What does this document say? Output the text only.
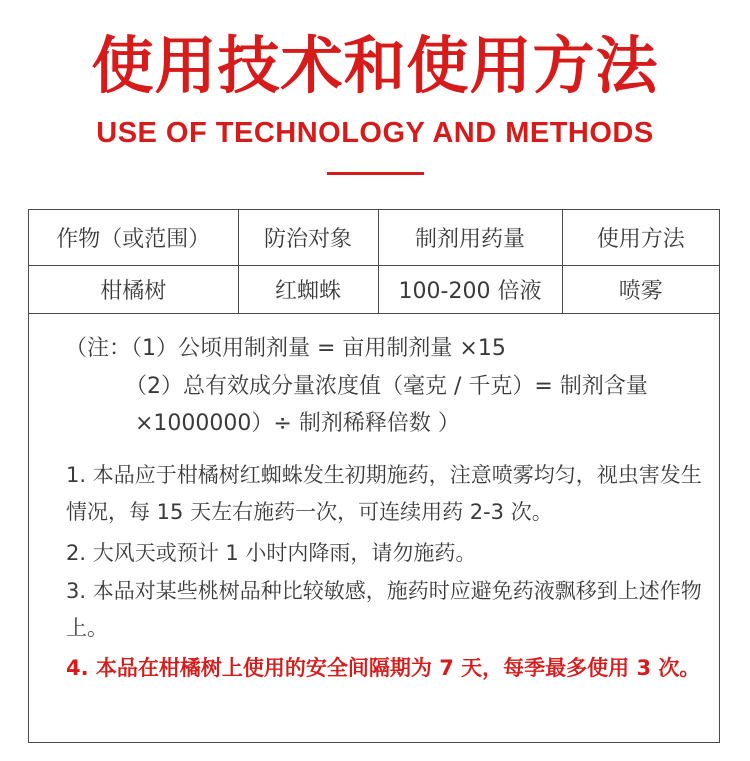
使用技术和使用方法
USE OF TECHNOLOGY AND METHODS
作物（或范围）	防治对象	制剂用药量	使用方法
柑橘树	红蜘蛛	100-200 倍液	喷雾
（注：（1）公顷用制剂量 = 亩用制剂量 ×15
（2）总有效成分量浓度值（毫克 / 千克）= 制剂含量
×1000000）÷ 制剂稀释倍数 ）

1. 本品应于柑橘树红蜘蛛发生初期施药，注意喷雾均匀，视虫害发生情况，每 15 天左右施药一次，可连续用药 2-3 次。

2. 大风天或预计 1 小时内降雨，请勿施药。

3. 本品对某些桃树品种比较敏感，施药时应避免药液飘移到上述作物上。

4. 本品在柑橘树上使用的安全间隔期为 7 天，每季最多使用 3 次。
